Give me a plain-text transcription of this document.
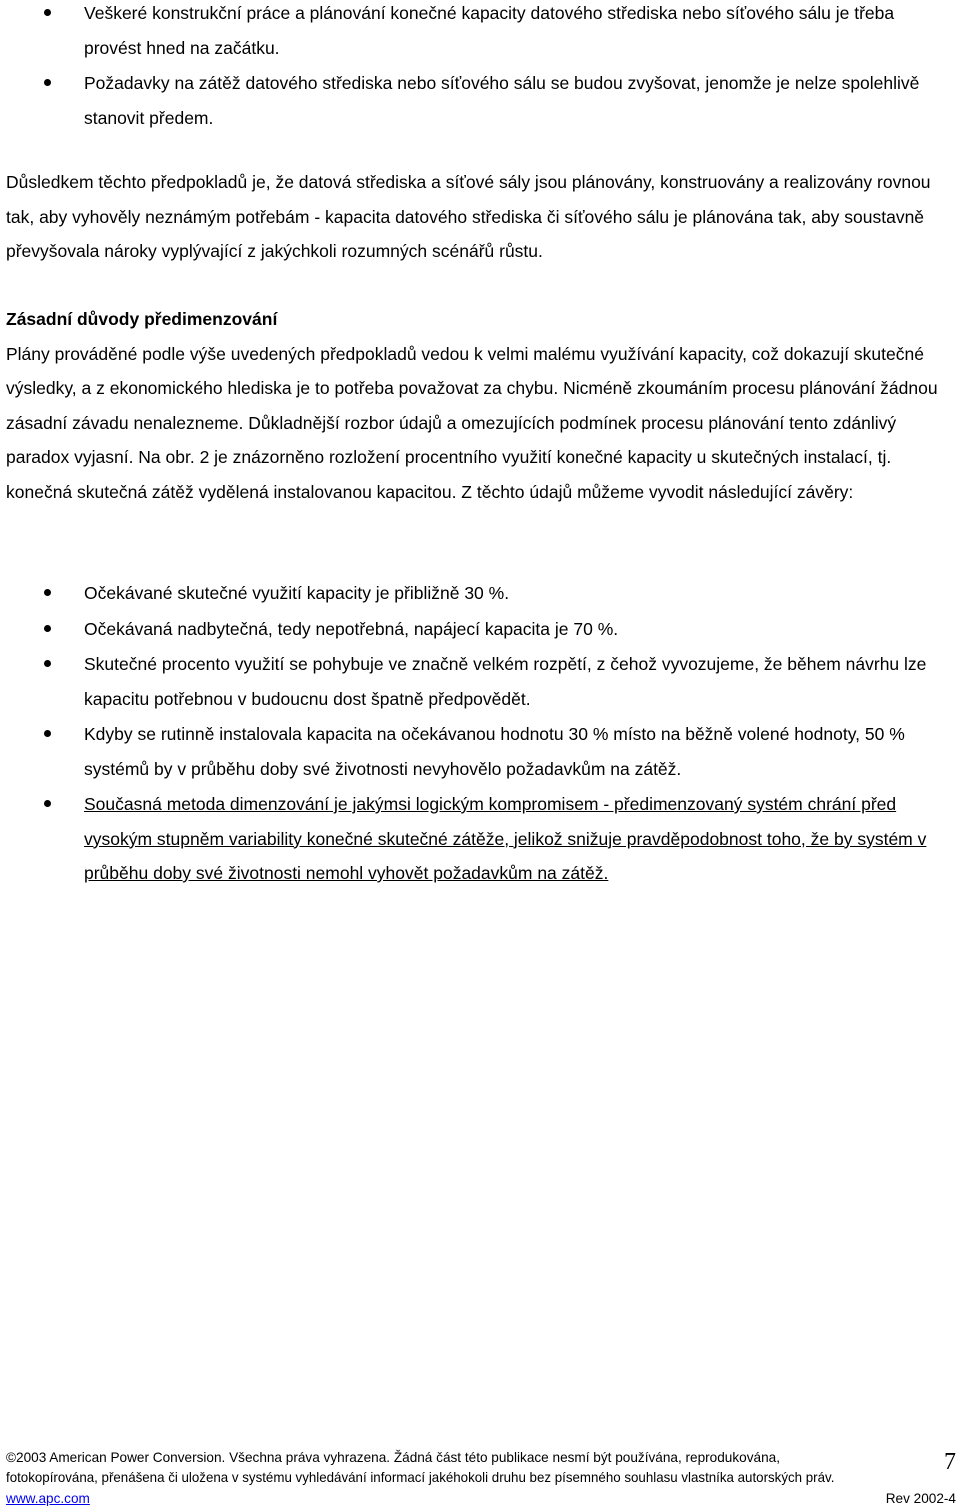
Veškeré konstrukční práce a plánování konečné kapacity datového střediska nebo síťového sálu je třeba provést hned na začátku.
Požadavky na zátěž datového střediska nebo síťového sálu se budou zvyšovat, jenomže je nelze spolehlivě stanovit předem.

Důsledkem těchto předpokladů je, že datová střediska a síťové sály jsou plánovány, konstruovány a realizovány rovnou tak, aby vyhověly neznámým potřebám - kapacita datového střediska či síťového sálu je plánována tak, aby soustavně převyšovala nároky vyplývající z jakýchkoli rozumných scénářů růstu.

Zásadní důvody předimenzování

Plány prováděné podle výše uvedených předpokladů vedou k velmi malému využívání kapacity, což dokazují skutečné výsledky, a z ekonomického hlediska je to potřeba považovat za chybu. Nicméně zkoumáním procesu plánování žádnou zásadní závadu nenalezneme. Důkladnější rozbor údajů a omezujících podmínek procesu plánování tento zdánlivý paradox vyjasní. Na obr. 2 je znázorněno rozložení procentního využití konečné kapacity u skutečných instalací, tj. konečná skutečná zátěž vydělená instalovanou kapacitou. Z těchto údajů můžeme vyvodit následující závěry:

Očekávané skutečné využití kapacity je přibližně 30 %.
Očekávaná nadbytečná, tedy nepotřebná, napájecí kapacita je 70 %.
Skutečné procento využití se pohybuje ve značně velkém rozpětí, z čehož vyvozujeme, že během návrhu lze kapacitu potřebnou v budoucnu dost špatně předpovědět.
Kdyby se rutinně instalovala kapacita na očekávanou hodnotu 30 % místo na běžně volené hodnoty, 50 % systémů by v průběhu doby své životnosti nevyhovělo požadavkům na zátěž.
Současná metoda dimenzování je jakýmsi logickým kompromisem - předimenzovaný systém chrání před vysokým stupněm variability konečné skutečné zátěže, jelikož snižuje pravděpodobnost toho, že by systém v průběhu doby své životnosti nemohl vyhovět požadavkům na zátěž.
©2003 American Power Conversion. Všechna práva vyhrazena. Žádná část této publikace nesmí být používána, reprodukována,
fotokopírována, přenášena či uložena v systému vyhledávání informací jakéhokoli druhu bez písemného souhlasu vlastníka autorských práv.
www.apc.com	Rev 2002-4
7
